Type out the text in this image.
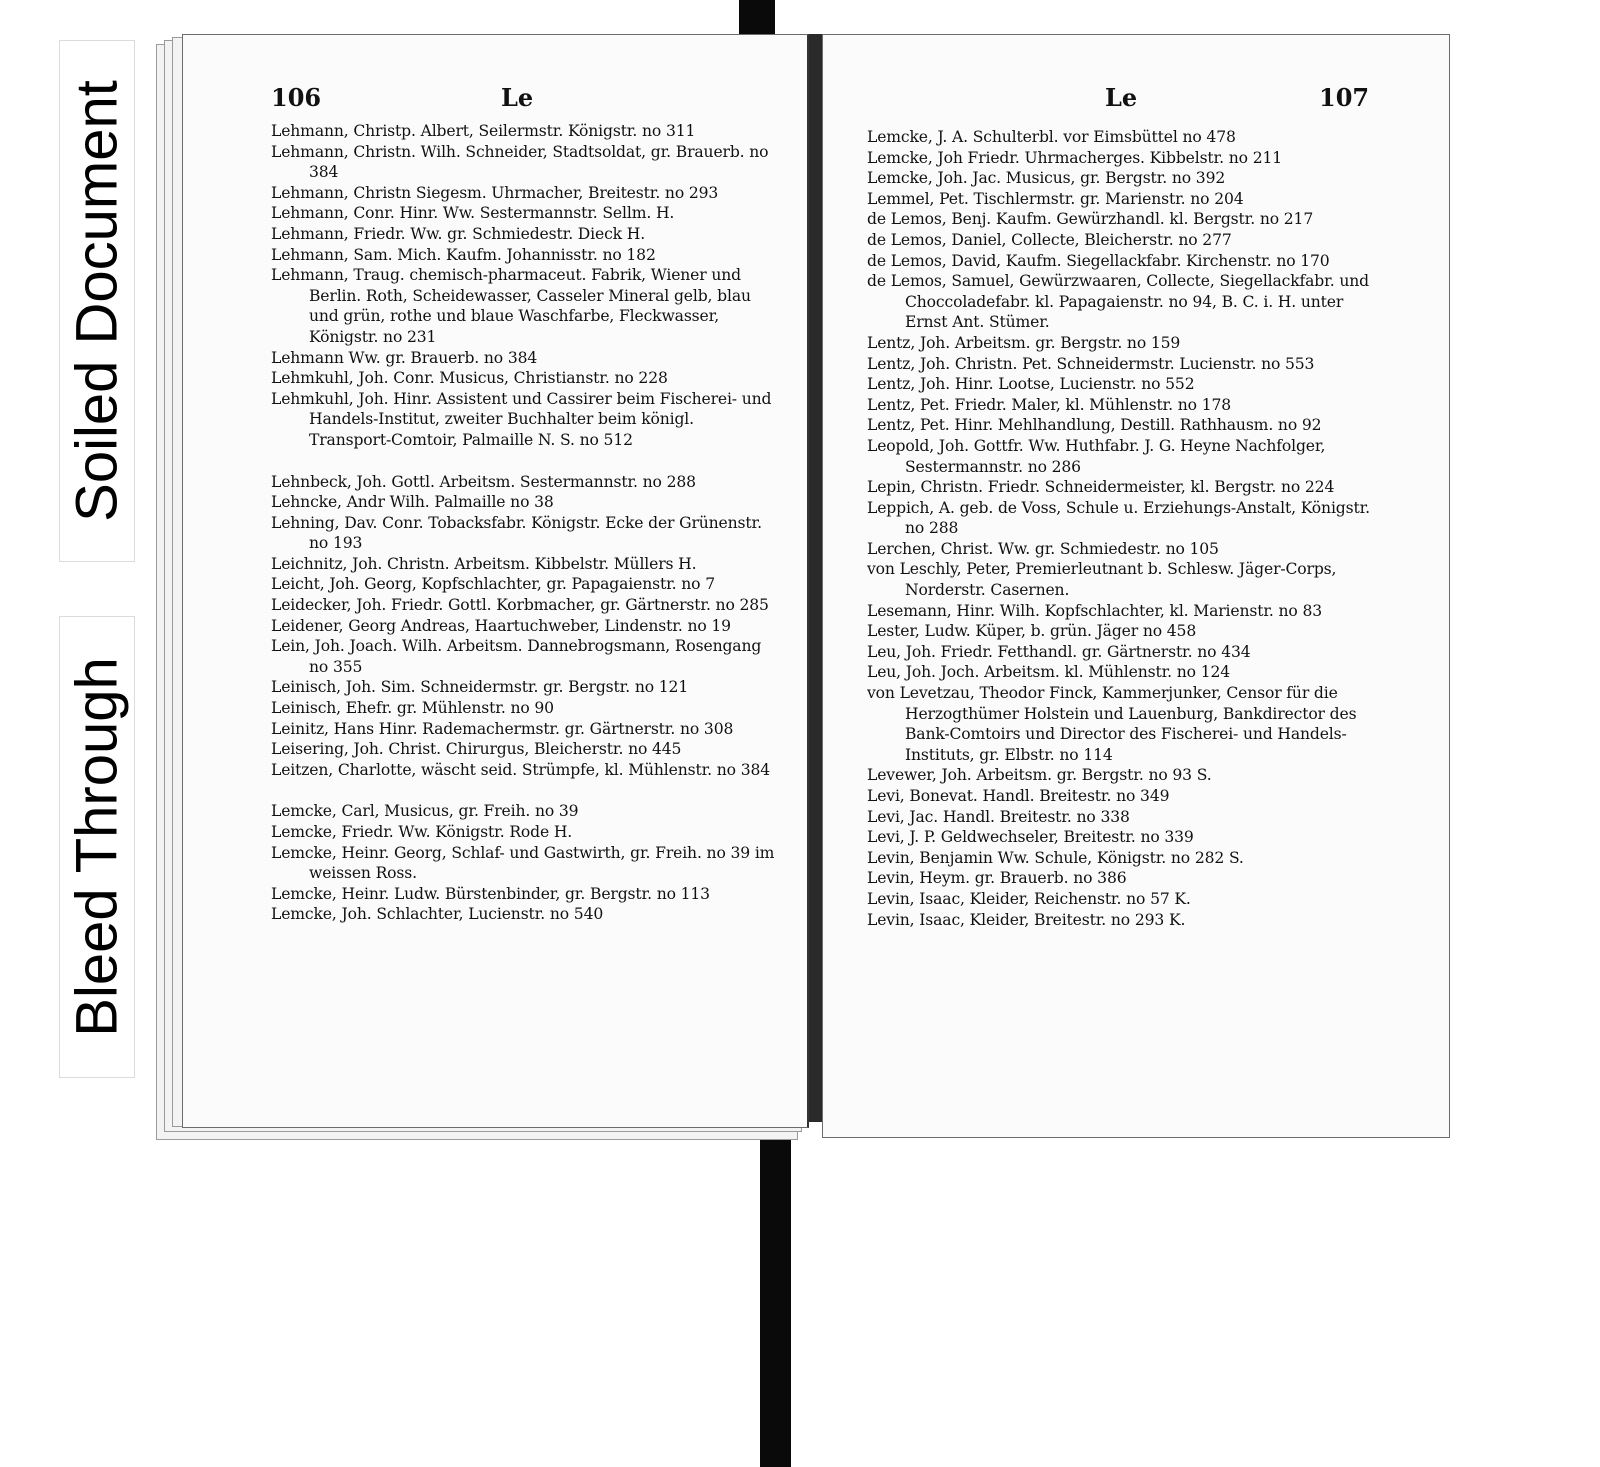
Bleed Through
Soiled Document	106	Le
Lehmann, Christp. Albert, Seilermstr. Königstr. no 311
Lehmann, Christn. Wilh. Schneider, Stadtsoldat, gr. Brauerb. no 384
Lehmann, Christn Siegesm. Uhrmacher, Breitestr. no 293
Lehmann, Conr. Hinr. Ww. Sestermannstr. Sellm. H.
Lehmann, Friedr. Ww. gr. Schmiedestr. Dieck H.
Lehmann, Sam. Mich. Kaufm. Johannisstr. no 182
Lehmann, Traug. chemisch-pharmaceut. Fabrik, Wiener und Berlin. Roth, Scheidewasser, Casseler Mineral gelb, blau und grün, rothe und blaue Waschfarbe, Fleckwasser, Königstr. no 231
Lehmann Ww. gr. Brauerb. no 384
Lehmkuhl, Joh. Conr. Musicus, Christianstr. no 228
Lehmkuhl, Joh. Hinr. Assistent und Cassirer beim Fischerei- und Handels-Institut, zweiter Buchhalter beim königl. Transport-Comtoir, Palmaille N. S. no 512
Lehnbeck, Joh. Gottl. Arbeitsm. Sestermannstr. no 288
Lehncke, Andr Wilh. Palmaille no 38
Lehning, Dav. Conr. Tobacksfabr. Königstr. Ecke der Grünenstr. no 193
Leichnitz, Joh. Christn. Arbeitsm. Kibbelstr. Müllers H.
Leicht, Joh. Georg, Kopfschlachter, gr. Papagaienstr. no 7
Leidecker, Joh. Friedr. Gottl. Korbmacher, gr. Gärtnerstr. no 285
Leidener, Georg Andreas, Haartuchweber, Lindenstr. no 19
Lein, Joh. Joach. Wilh. Arbeitsm. Dannebrogsmann, Rosengang no 355
Leinisch, Joh. Sim. Schneidermstr. gr. Bergstr. no 121
Leinisch, Ehefr. gr. Mühlenstr. no 90
Leinitz, Hans Hinr. Rademachermstr. gr. Gärtnerstr. no 308
Leisering, Joh. Christ. Chirurgus, Bleicherstr. no 445
Leitzen, Charlotte, wäscht seid. Strümpfe, kl. Mühlenstr. no 384
Lemcke, Carl, Musicus, gr. Freih. no 39
Lemcke, Friedr. Ww. Königstr. Rode H.
Lemcke, Heinr. Georg, Schlaf- und Gastwirth, gr. Freih. no 39 im weissen Ross.
Lemcke, Heinr. Ludw. Bürstenbinder, gr. Bergstr. no 113
Lemcke, Joh. Schlachter, Lucienstr. no 540
Le	107
Lemcke, J. A. Schulterbl. vor Eimsbüttel no 478
Lemcke, Joh Friedr. Uhrmacherges. Kibbelstr. no 211
Lemcke, Joh. Jac. Musicus, gr. Bergstr. no 392
Lemmel, Pet. Tischlermstr. gr. Marienstr. no 204
de Lemos, Benj. Kaufm. Gewürzhandl. kl. Bergstr. no 217
de Lemos, Daniel, Collecte, Bleicherstr. no 277
de Lemos, David, Kaufm. Siegellackfabr. Kirchenstr. no 170
de Lemos, Samuel, Gewürzwaaren, Collecte, Siegellackfabr. und Choccoladefabr. kl. Papagaienstr. no 94, B. C. i. H. unter Ernst Ant. Stümer.
Lentz, Joh. Arbeitsm. gr. Bergstr. no 159
Lentz, Joh. Christn. Pet. Schneidermstr. Lucienstr. no 553
Lentz, Joh. Hinr. Lootse, Lucienstr. no 552
Lentz, Pet. Friedr. Maler, kl. Mühlenstr. no 178
Lentz, Pet. Hinr. Mehlhandlung, Destill. Rathhausm. no 92
Leopold, Joh. Gottfr. Ww. Huthfabr. J. G. Heyne Nachfolger, Sestermannstr. no 286
Lepin, Christn. Friedr. Schneidermeister, kl. Bergstr. no 224
Leppich, A. geb. de Voss, Schule u. Erziehungs-Anstalt, Königstr. no 288
Lerchen, Christ. Ww. gr. Schmiedestr. no 105
von Leschly, Peter, Premierleutnant b. Schlesw. Jäger-Corps, Norderstr. Casernen.
Lesemann, Hinr. Wilh. Kopfschlachter, kl. Marienstr. no 83
Lester, Ludw. Küper, b. grün. Jäger no 458
Leu, Joh. Friedr. Fetthandl. gr. Gärtnerstr. no 434
Leu, Joh. Joch. Arbeitsm. kl. Mühlenstr. no 124
von Levetzau, Theodor Finck, Kammerjunker, Censor für die Herzogthümer Holstein und Lauenburg, Bankdirector des Bank-Comtoirs und Director des Fischerei- und Handels-Instituts, gr. Elbstr. no 114
Levewer, Joh. Arbeitsm. gr. Bergstr. no 93 S.
Levi, Bonevat. Handl. Breitestr. no 349
Levi, Jac. Handl. Breitestr. no 338
Levi, J. P. Geldwechseler, Breitestr. no 339
Levin, Benjamin Ww. Schule, Königstr. no 282 S.
Levin, Heym. gr. Brauerb. no 386
Levin, Isaac, Kleider, Reichenstr. no 57 K.
Levin, Isaac, Kleider, Breitestr. no 293 K.
